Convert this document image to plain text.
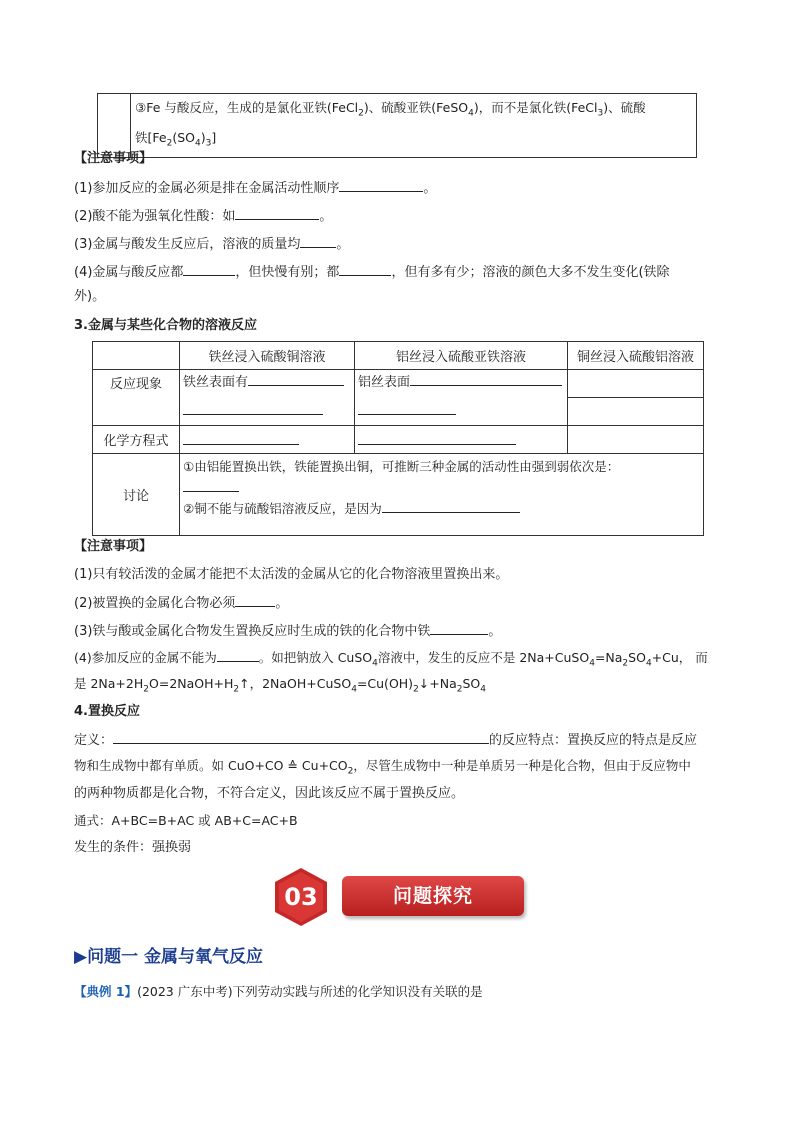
	③Fe 与酸反应，生成的是氯化亚铁(FeCl$_2$)、硫酸亚铁(FeSO$_4$)，而不是氯化铁(FeCl$_3$)、硫酸
铁$[Fe_2(SO_4)_3]$
【注意事项】
(1)参加反应的金属必须是排在金属活动性顺序	。
(2)酸不能为强氧化性酸：如	。
(3)金属与酸发生反应后，溶液的质量均	。
(4)金属与酸反应都	，但快慢有别；都	，但有多有少；溶液的颜色大多不发生变化(铁除
外)。
3.金属与某些化合物的溶液反应
	铁丝浸入硫酸铜溶液	铝丝浸入硫酸亚铁溶液	铜丝浸入硫酸铝溶液
反应现象	铁丝表面有	铝丝表面

化学方程式			
讨论	①由铝能置换出铁，铁能置换出铜，可推断三种金属的活动性由强到弱依次是：
②铜不能与硫酸铝溶液反应，是因为		
【注意事项】
(1)只有较活泼的金属才能把不太活泼的金属从它的化合物溶液里置换出来。
(2)被置换的金属化合物必须	。
(3)铁与酸或金属化合物发生置换反应时生成的铁的化合物中铁	。
(4)参加反应的金属不能为	。如把钠放入 CuSO$_4$溶液中，发生的反应不是 $2Na+CuSO_4=Na_2SO_4+Cu$， 而
是 $2Na+2H_2O=2NaOH+H_2↑$，$2NaOH+CuSO_4=Cu(OH)_2↓+Na_2SO_4$
4.置换反应
定义：	的反应特点：置换反应的特点是反应
物和生成物中都有单质。如 CuO+CO ≙ $Cu+CO_2$，尽管生成物中一种是单质另一种是化合物，但由于反应物中
的两种物质都是化合物，不符合定义，因此该反应不属于置换反应。
通式：A+BC=B+AC 或 AB+C=AC+B
发生的条件：强换弱
03	问题探究
▶问题一 金属与氧气反应
【典例 1】(2023 广东中考)下列劳动实践与所述的化学知识没有关联的是
